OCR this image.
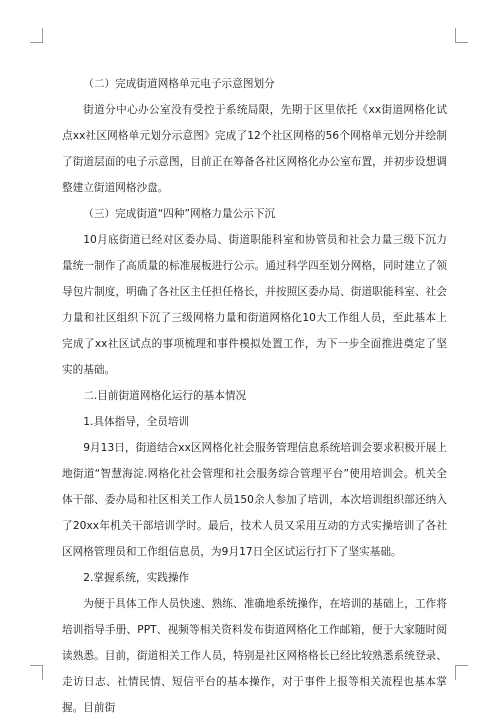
（二）完成街道网格单元电子示意图划分

街道分中心办公室没有受控于系统局限，先期于区里依托《xx街道网格化试点xx社区网格单元划分示意图》完成了12个社区网格的56个网格单元划分并绘制了街道层面的电子示意图，目前正在筹备各社区网格化办公室布置，并初步设想调整建立街道网格沙盘。

（三）完成街道“四种”网格力量公示下沉

10月底街道已经对区委办局、街道职能科室和协管员和社会力量三级下沉力量统一制作了高质量的标准展板进行公示。通过科学四至划分网格，同时建立了领导包片制度，明确了各社区主任担任格长，并按照区委办局、街道职能科室、社会力量和社区组织下沉了三级网格力量和街道网格化10大工作组人员，至此基本上完成了xx社区试点的事项梳理和事件模拟处置工作，为下一步全面推进奠定了坚实的基础。

二.目前街道网格化运行的基本情况

1.具体指导，全员培训

9月13日，街道结合xx区网格化社会服务管理信息系统培训会要求积极开展上地街道“智慧海淀.网格化社会管理和社会服务综合管理平台”使用培训会。机关全体干部、委办局和社区相关工作人员150余人参加了培训，本次培训组织部还纳入了20xx年机关干部培训学时。最后，技术人员又采用互动的方式实操培训了各社区网格管理员和工作组信息员，为9月17日全区试运行打下了坚实基础。

2.掌握系统，实践操作

为便于具体工作人员快速、熟练、准确地系统操作，在培训的基础上，工作将培训指导手册、PPT、视频等相关资料发布街道网格化工作邮箱，便于大家随时阅读熟悉。目前，街道相关工作人员，特别是社区网格格长已经比较熟悉系统登录、走访日志、社情民情、短信平台的基本操作，对于事件上报等相关流程也基本掌握。目前街
